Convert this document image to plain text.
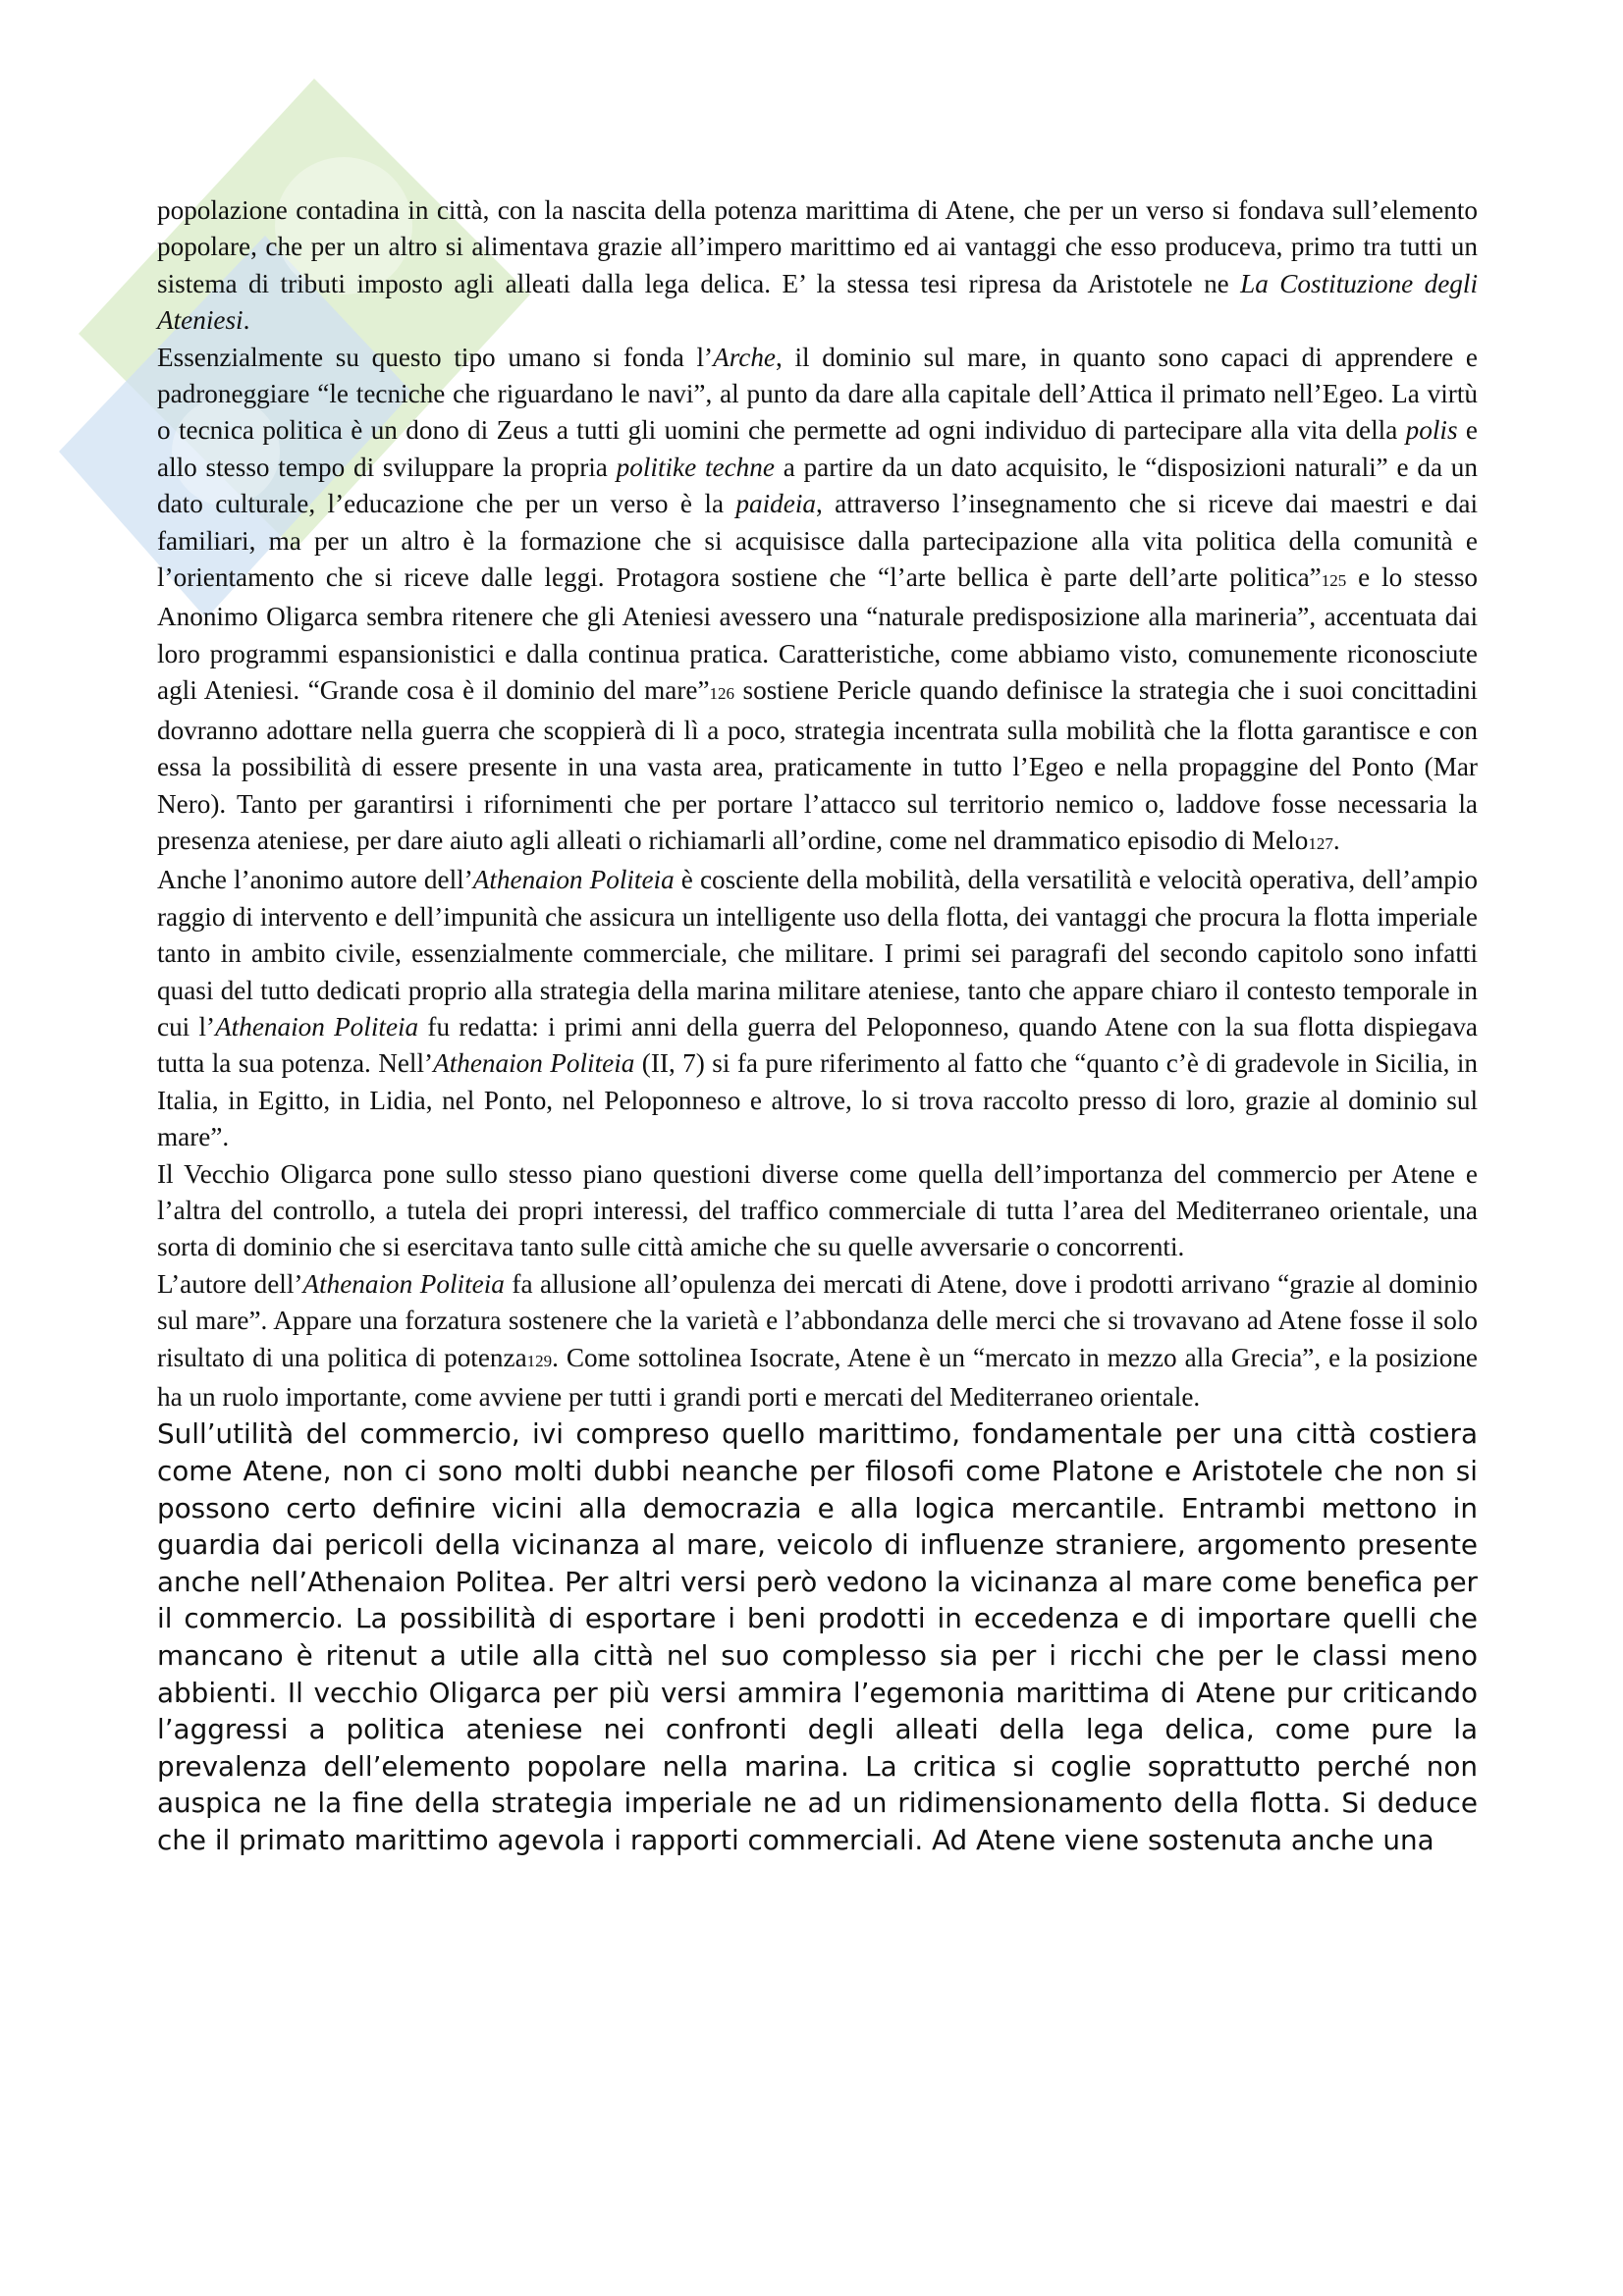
popolazione contadina in città, con la nascita della potenza marittima di Atene, che per un verso si fondava sull’elemento popolare, che per un altro si alimentava grazie all’impero marittimo ed ai vantaggi che esso produceva, primo tra tutti un sistema di tributi imposto agli alleati dalla lega delica. E’ la stessa tesi ripresa da Aristotele ne La Costituzione degli Ateniesi.

Essenzialmente su questo tipo umano si fonda l’Arche, il dominio sul mare, in quanto sono capaci di apprendere e padroneggiare “le tecniche che riguardano le navi”, al punto da dare alla capitale dell’Attica il primato nell’Egeo. La virtù o tecnica politica è un dono di Zeus a tutti gli uomini che permette ad ogni individuo di partecipare alla vita della polis e allo stesso tempo di sviluppare la propria politike techne a partire da un dato acquisito, le “disposizioni naturali” e da un dato culturale, l’educazione che per un verso è la paideia, attraverso l’insegnamento che si riceve dai maestri e dai familiari, ma per un altro è la formazione che si acquisisce dalla partecipazione alla vita politica della comunità e l’orientamento che si riceve dalle leggi. Protagora sostiene che “l’arte bellica è parte dell’arte politica”125 e lo stesso Anonimo Oligarca sembra ritenere che gli Ateniesi avessero una “naturale predisposizione alla marineria”, accentuata dai loro programmi espansionistici e dalla continua pratica. Caratteristiche, come abbiamo visto, comunemente riconosciute agli Ateniesi. “Grande cosa è il dominio del mare”126 sostiene Pericle quando definisce la strategia che i suoi concittadini dovranno adottare nella guerra che scoppierà di lì a poco, strategia incentrata sulla mobilità che la flotta garantisce e con essa la possibilità di essere presente in una vasta area, praticamente in tutto l’Egeo e nella propaggine del Ponto (Mar Nero). Tanto per garantirsi i rifornimenti che per portare l’attacco sul territorio nemico o, laddove fosse necessaria la presenza ateniese, per dare aiuto agli alleati o richiamarli all’ordine, come nel drammatico episodio di Melo127.

Anche l’anonimo autore dell’Athenaion Politeia è cosciente della mobilità, della versatilità e velocità operativa, dell’ampio raggio di intervento e dell’impunità che assicura un intelligente uso della flotta, dei vantaggi che procura la flotta imperiale tanto in ambito civile, essenzialmente commerciale, che militare. I primi sei paragrafi del secondo capitolo sono infatti quasi del tutto dedicati proprio alla strategia della marina militare ateniese, tanto che appare chiaro il contesto temporale in cui l’Athenaion Politeia fu redatta: i primi anni della guerra del Peloponneso, quando Atene con la sua flotta dispiegava tutta la sua potenza. Nell’Athenaion Politeia (II, 7) si fa pure riferimento al fatto che “quanto c’è di gradevole in Sicilia, in Italia, in Egitto, in Lidia, nel Ponto, nel Peloponneso e altrove, lo si trova raccolto presso di loro, grazie al dominio sul mare”.

Il Vecchio Oligarca pone sullo stesso piano questioni diverse come quella dell’importanza del commercio per Atene e l’altra del controllo, a tutela dei propri interessi, del traffico commerciale di tutta l’area del Mediterraneo orientale, una sorta di dominio che si esercitava tanto sulle città amiche che su quelle avversarie o concorrenti.

L’autore dell’Athenaion Politeia fa allusione all’opulenza dei mercati di Atene, dove i prodotti arrivano “grazie al dominio sul mare”. Appare una forzatura sostenere che la varietà e l’abbondanza delle merci che si trovavano ad Atene fosse il solo risultato di una politica di potenza129. Come sottolinea Isocrate, Atene è un “mercato in mezzo alla Grecia”, e la posizione ha un ruolo importante, come avviene per tutti i grandi porti e mercati del Mediterraneo orientale.

Sull’utilità del commercio, ivi compreso quello marittimo, fondamentale per una città costiera come Atene, non ci sono molti dubbi neanche per filosofi come Platone e Aristotele che non si possono certo definire vicini alla democrazia e alla logica mercantile. Entrambi mettono in guardia dai pericoli della vicinanza al mare, veicolo di influenze straniere, argomento presente anche nell’Athenaion Politea. Per altri versi però vedono la vicinanza al mare come benefica per il commercio. La possibilità di esportare i beni prodotti in eccedenza e di importare quelli che mancano è ritenut a utile alla città nel suo complesso sia per i ricchi che per le classi meno abbienti. Il vecchio Oligarca per più versi ammira l’egemonia marittima di Atene pur criticando l’aggressi a politica ateniese nei confronti degli alleati della lega delica, come pure la prevalenza dell’elemento popolare nella marina. La critica si coglie soprattutto perché non auspica ne la fine della strategia imperiale ne ad un ridimensionamento della flotta. Si deduce che il primato marittimo agevola i rapporti commerciali. Ad Atene viene sostenuta anche una
